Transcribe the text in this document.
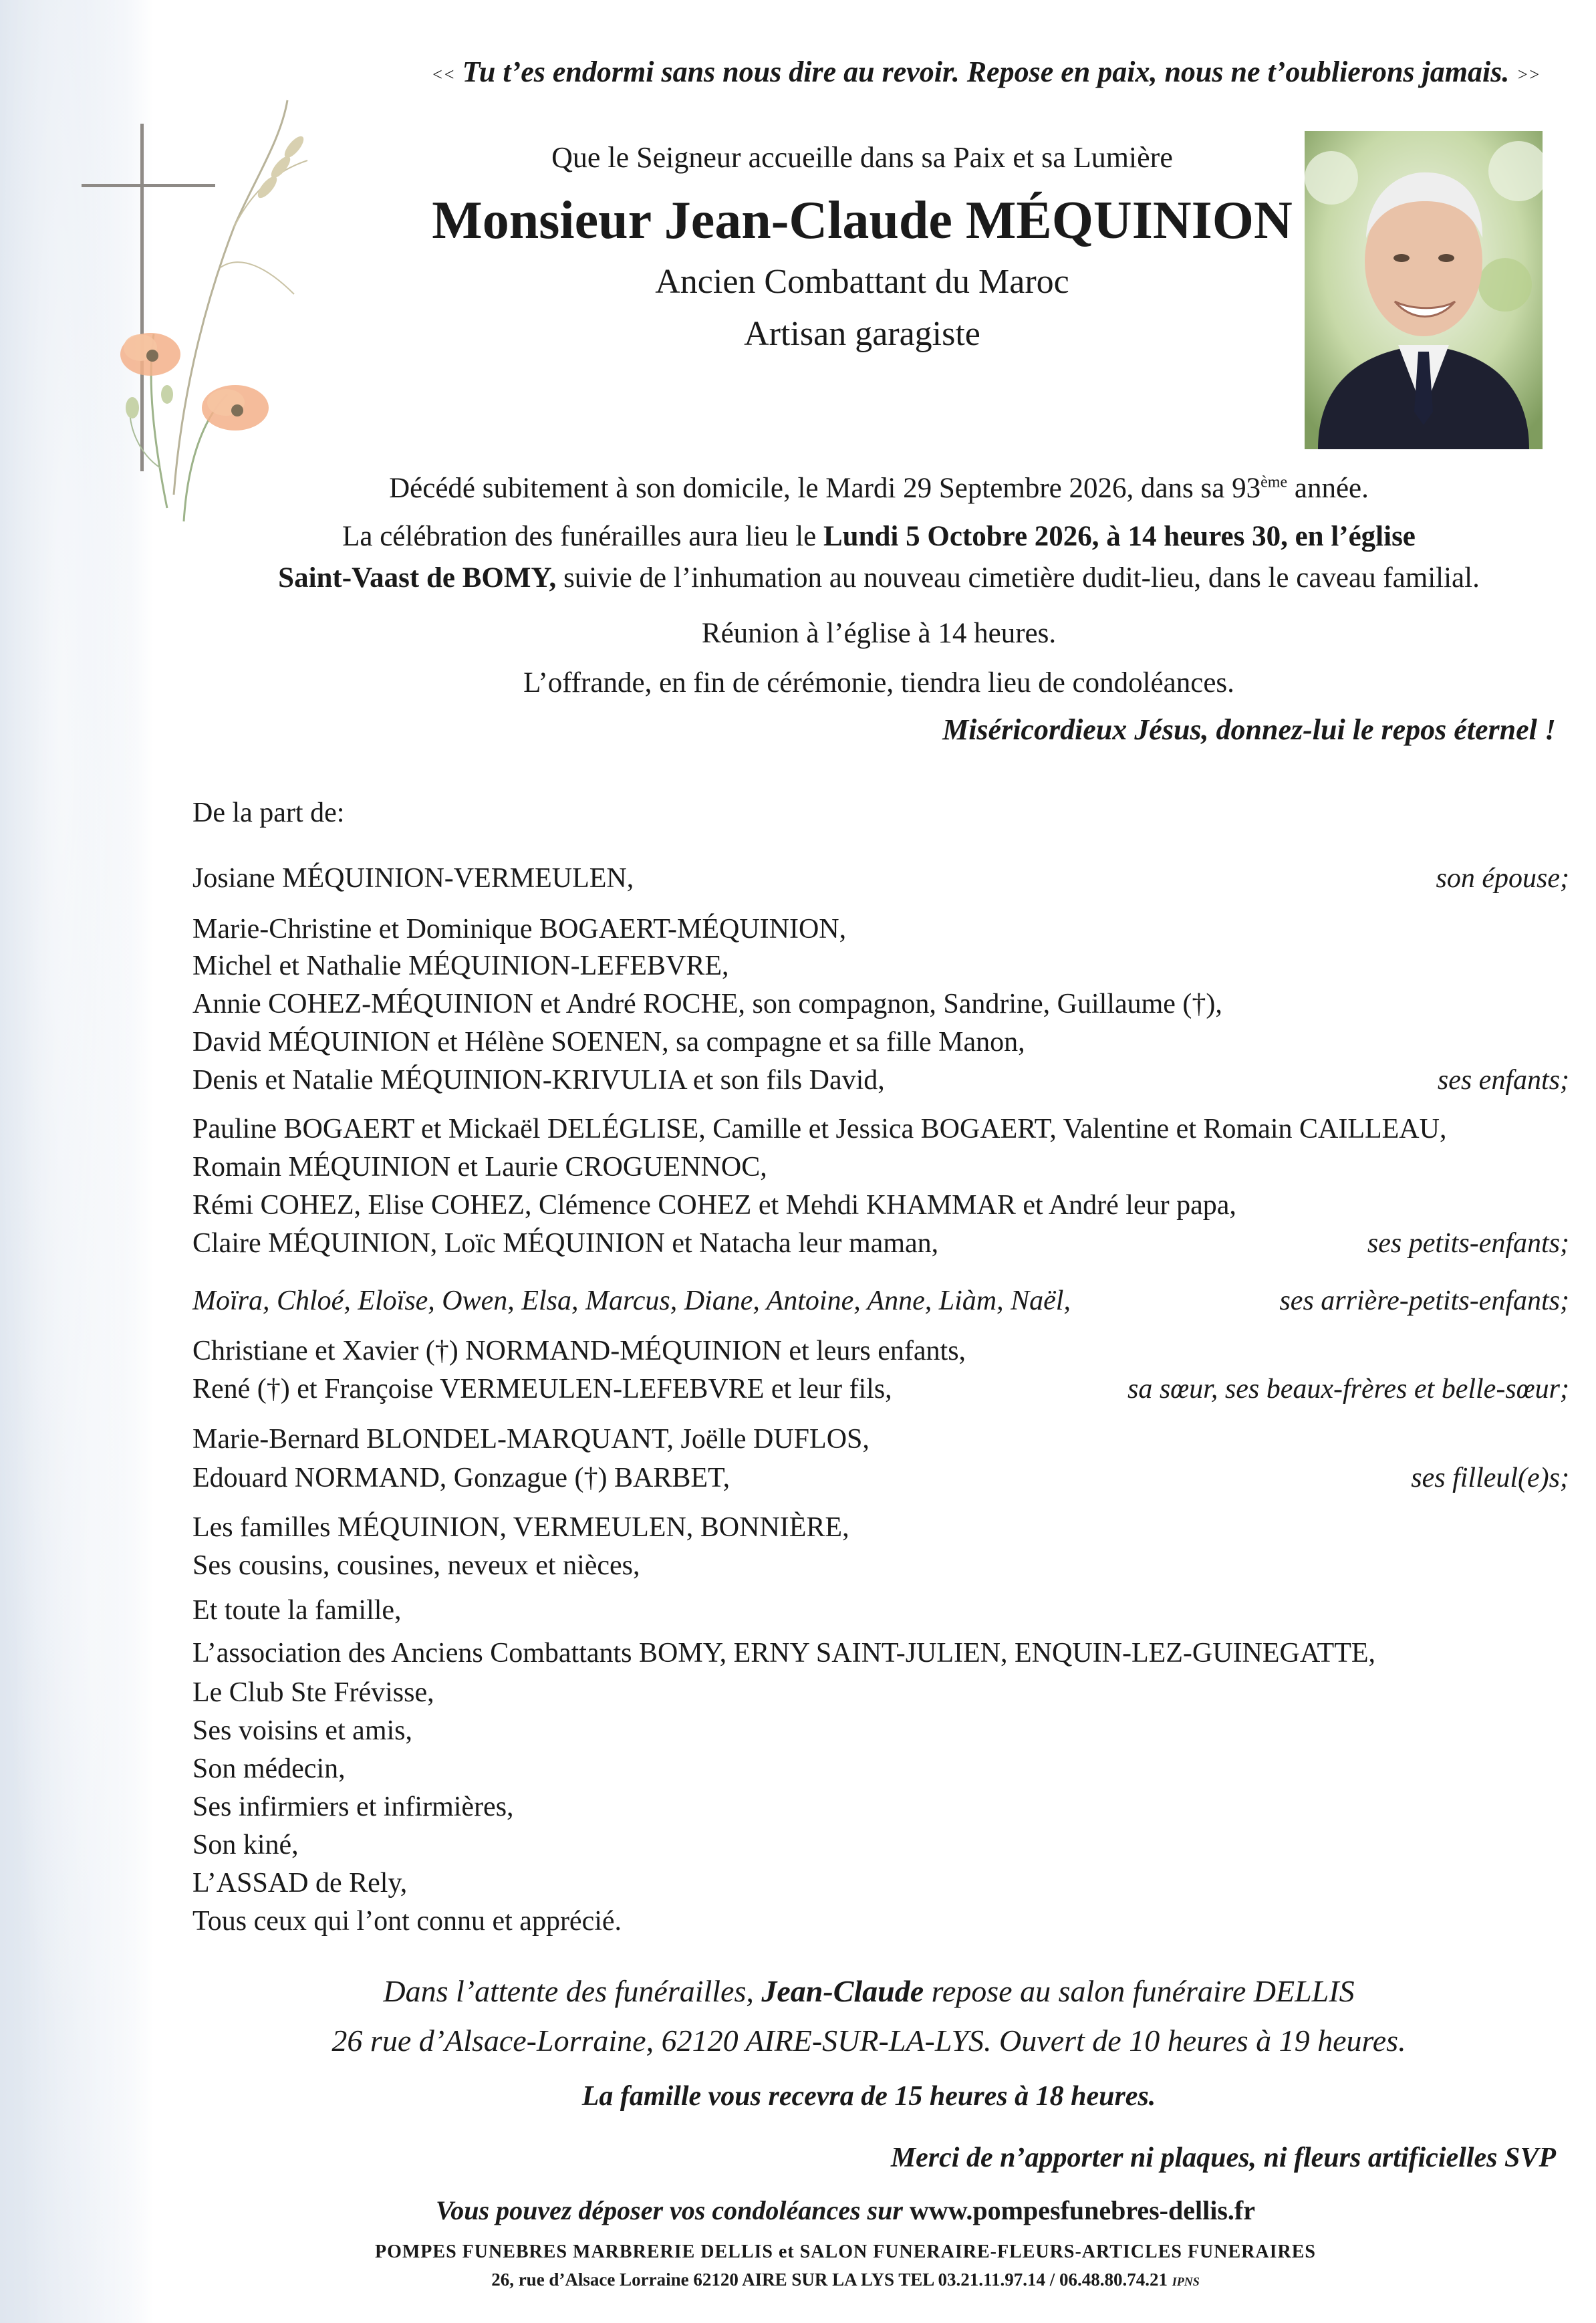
<< Tu t’es endormi sans nous dire au revoir. Repose en paix, nous ne t’oublierons jamais. >>
Que le Seigneur accueille dans sa Paix et sa Lumière
Monsieur Jean-Claude MÉQUINION
Ancien Combattant du Maroc
Artisan garagiste
Décédé subitement à son domicile, le Mardi 29 Septembre 2026, dans sa 93ème année.
La célébration des funérailles aura lieu le Lundi 5 Octobre 2026, à 14 heures 30, en l’église
Saint-Vaast de BOMY, suivie de l’inhumation au nouveau cimetière dudit-lieu, dans le caveau familial.
Réunion à l’église à 14 heures.
L’offrande, en fin de cérémonie, tiendra lieu de condoléances.
Miséricordieux Jésus, donnez-lui le repos éternel !
De la part de:
Josiane MÉQUINION-VERMEULEN,	son épouse;
Marie-Christine et Dominique BOGAERT-MÉQUINION,
Michel et Nathalie MÉQUINION-LEFEBVRE,
Annie COHEZ-MÉQUINION et André ROCHE, son compagnon, Sandrine, Guillaume (†),
David MÉQUINION et Hélène SOENEN, sa compagne et sa fille Manon,
Denis et Natalie MÉQUINION-KRIVULIA et son fils David,	ses enfants;
Pauline BOGAERT et Mickaël DELÉGLISE, Camille et Jessica BOGAERT, Valentine et Romain CAILLEAU,
Romain MÉQUINION et Laurie CROGUENNOC,
Rémi COHEZ, Elise COHEZ, Clémence COHEZ et Mehdi KHAMMAR et André leur papa,
Claire MÉQUINION, Loïc MÉQUINION et Natacha leur maman,	ses petits-enfants;
Moïra, Chloé, Eloïse, Owen, Elsa, Marcus, Diane, Antoine, Anne, Liàm, Naël,	ses arrière-petits-enfants;
Christiane et Xavier (†) NORMAND-MÉQUINION et leurs enfants,
René (†) et Françoise VERMEULEN-LEFEBVRE et leur fils,	sa sœur, ses beaux-frères et belle-sœur;
Marie-Bernard BLONDEL-MARQUANT, Joëlle DUFLOS,
Edouard NORMAND, Gonzague (†) BARBET,	ses filleul(e)s;
Les familles MÉQUINION, VERMEULEN, BONNIÈRE,
Ses cousins, cousines, neveux et nièces,
Et toute la famille,
L’association des Anciens Combattants BOMY, ERNY SAINT-JULIEN, ENQUIN-LEZ-GUINEGATTE,
Le Club Ste Frévisse,
Ses voisins et amis,
Son médecin,
Ses infirmiers et infirmières,
Son kiné,
L’ASSAD de Rely,
Tous ceux qui l’ont connu et apprécié.
Dans l’attente des funérailles, Jean-Claude repose au salon funéraire DELLIS
26 rue d’Alsace-Lorraine, 62120 AIRE-SUR-LA-LYS. Ouvert de 10 heures à 19 heures.
La famille vous recevra de 15 heures à 18 heures.
Merci de n’apporter ni plaques, ni fleurs artificielles SVP
Vous pouvez déposer vos condoléances sur www.pompesfunebres-dellis.fr
POMPES FUNEBRES MARBRERIE DELLIS et SALON FUNERAIRE-FLEURS-ARTICLES FUNERAIRES
26, rue d’Alsace Lorraine 62120 AIRE SUR LA LYS TEL 03.21.11.97.14 / 06.48.80.74.21 IPNS
